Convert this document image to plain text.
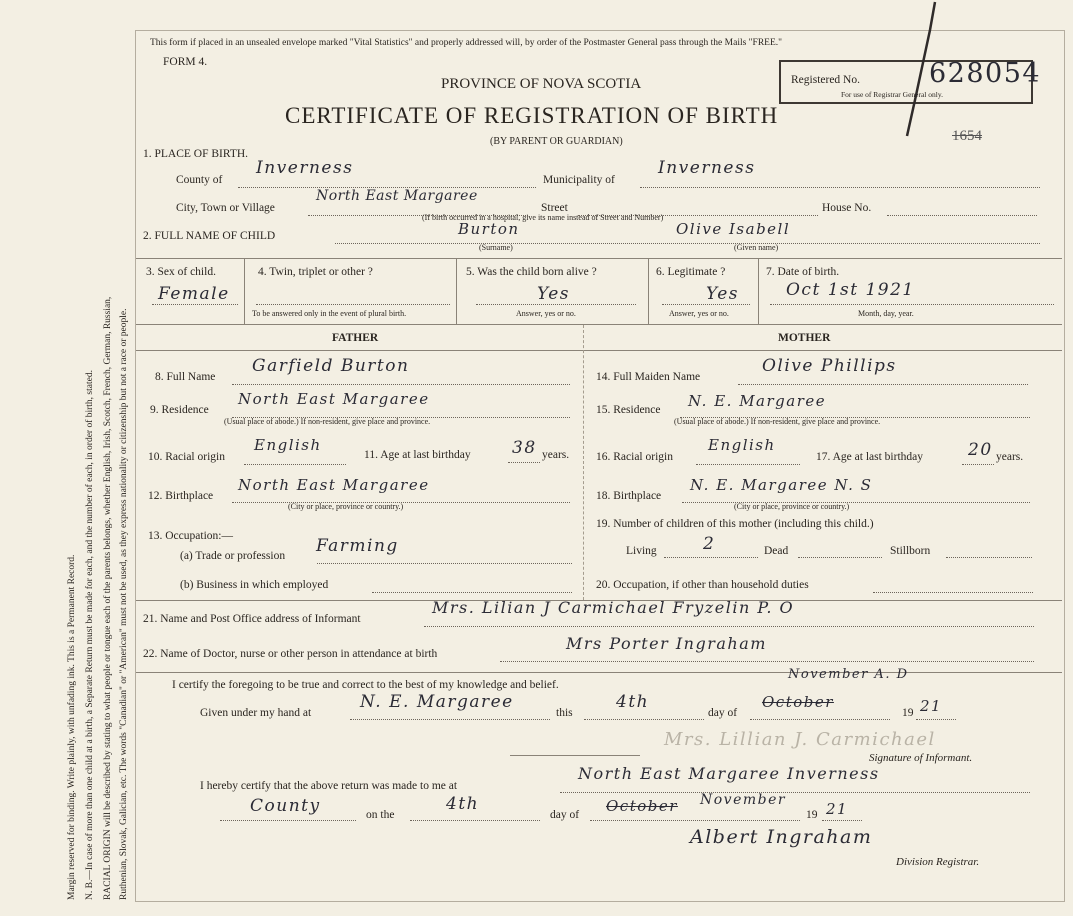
Margin reserved for binding. Write plainly, with unfading ink. This is a Permanent Record. N. B.—In case of more than one child at a birth, a Separate Return must be made for each, and the number of each, in order of birth, stated. RACIAL ORIGIN will be described by stating to what people or tongue each of the parents belongs, whether English, Irish, Scotch, French, German, Russian, Ruthenian, Slovak, Galician, etc. The words "Canadian" or "American" must not be used, as they express nationality or citizenship but not a race or people.
This form if placed in an unsealed envelope marked "Vital Statistics" and properly addressed will, by order of the Postmaster General pass through the Mails "FREE."
FORM 4.
Registered No.	628054
For use of Registrar General only.
1654
PROVINCE OF NOVA SCOTIA
CERTIFICATE OF REGISTRATION OF BIRTH
(BY PARENT OR GUARDIAN)
1. PLACE OF BIRTH.
County of
Inverness
Municipality of
Inverness
City, Town or Village
North East Margaree
Street	House No.
(If birth occurred in a hospital, give its name instead of Street and Number)
2. FULL NAME OF CHILD	Burton	Olive Isabell
(Surname)	(Given name)
3. Sex of child.
Female
4. Twin, triplet or other ?
To be answered only in the event of plural birth.
5. Was the child born alive ?
Yes
Answer, yes or no.
6. Legitimate ?
Yes
Answer, yes or no.
7. Date of birth.
Oct 1st 1921
Month, day, year.
FATHER	MOTHER
8. Full Name
Garfield Burton
9. Residence
North East Margaree
(Usual place of abode.) If non-resident, give place and province.
10. Racial origin
English
11. Age at last birthday 38 years.
12. Birthplace
North East Margaree
(City or place, province or country.)
13. Occupation:—
(a) Trade or profession Farming
(b) Business in which employed
14. Full Maiden Name
Olive Phillips
15. Residence N. E. Margaree
(Usual place of abode.) If non-resident, give place and province.
16. Racial origin
English
17. Age at last birthday	20 years.
18. Birthplace
N. E. Margaree N. S
(City or place, province or country.)
19. Number of children of this mother (including this child.)
Living	2	Dead	Stillborn
20. Occupation, if other than household duties
21. Name and Post Office address of Informant
Mrs. Lilian J Carmichael Fryzelin P. O
22. Name of Doctor, nurse or other person in attendance at birth
Mrs Porter Ingraham
I certify the foregoing to be true and correct to the best of my knowledge and belief.
November A. D
Given under my hand at
N. E. Margaree
this
4th
day of
October
19 21
Mrs. Lillian J. Carmichael
Signature of Informant.
I hereby certify that the above return was made to me at
North East Margaree Inverness
County	on the
4th
day of October November
19 21
Albert Ingraham
Division Registrar.
